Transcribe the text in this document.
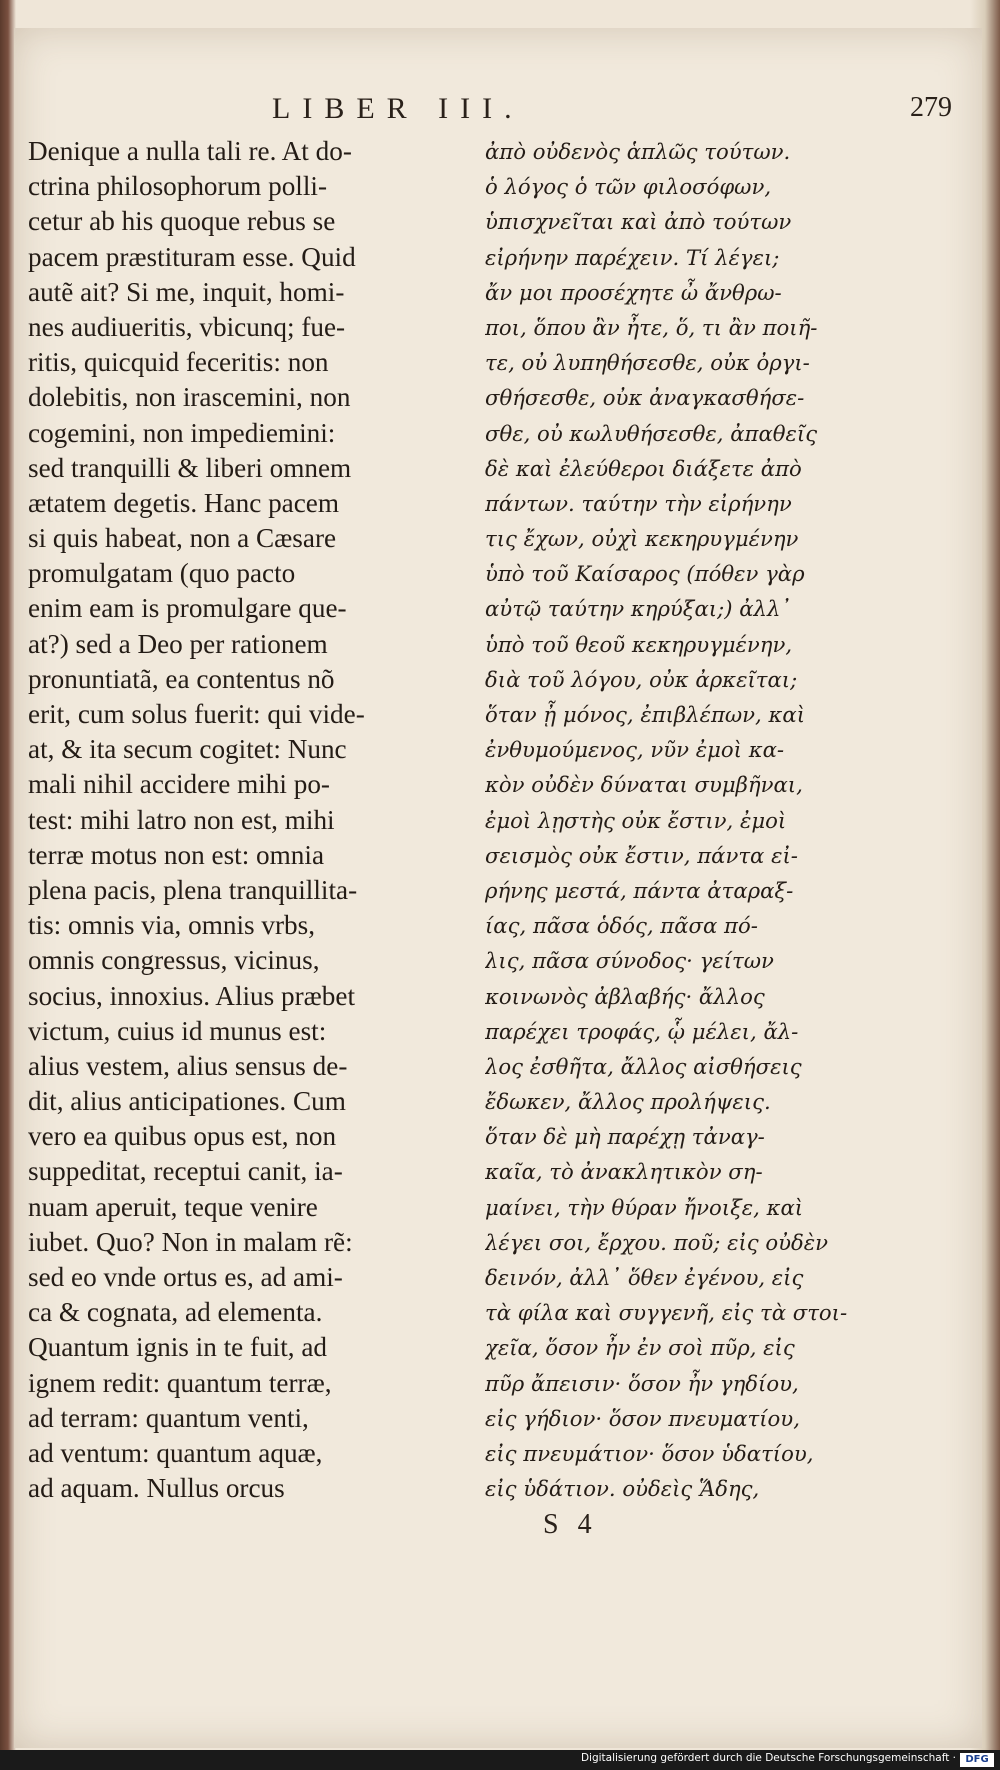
LIBER III.	279
Denique a nulla tali re. At do-
ctrina philosophorum polli-
cetur ab his quoque rebus se
pacem præstituram esse. Quid
autẽ ait? Si me, inquit, homi-
nes audiueritis, vbicunq; fue-
ritis, quicquid feceritis: non
dolebitis, non irascemini, non
cogemini, non impediemini:
sed tranquilli & liberi omnem
ætatem degetis. Hanc pacem
si quis habeat, non a Cæsare
promulgatam (quo pacto
enim eam is promulgare que-
at?) sed a Deo per rationem
pronuntiatã, ea contentus nõ
erit, cum solus fuerit: qui vide-
at, & ita secum cogitet: Nunc
mali nihil accidere mihi po-
test: mihi latro non est, mihi
terræ motus non est: omnia
plena pacis, plena tranquillita-
tis: omnis via, omnis vrbs,
omnis congressus, vicinus,
socius, innoxius. Alius præbet
victum, cuius id munus est:
alius vestem, alius sensus de-
dit, alius anticipationes. Cum
vero ea quibus opus est, non
suppeditat, receptui canit, ia-
nuam aperuit, teque venire
iubet. Quo? Non in malam rẽ:
sed eo vnde ortus es, ad ami-
ca & cognata, ad elementa.
Quantum ignis in te fuit, ad
ignem redit: quantum terræ,
ad terram: quantum venti,
ad ventum: quantum aquæ,
ad aquam. Nullus orcus
ἀπὸ οὐδενὸς ἁπλῶς τούτων.
ὁ λόγος ὁ τῶν φιλοσόφων,
ὑπισχνεῖται καὶ ἀπὸ τούτων
εἰρήνην παρέχειν. Τί λέγει;
ἄν μοι προσέχητε ὦ ἄνθρω-
ποι, ὅπου ἂν ἦτε, ὅ, τι ἂν ποιῆ-
τε, οὐ λυπηθήσεσθε, οὐκ ὀργι-
σθήσεσθε, οὐκ ἀναγκασθήσε-
σθε, οὐ κωλυθήσεσθε, ἀπαθεῖς
δὲ καὶ ἐλεύθεροι διάξετε ἀπὸ
πάντων. ταύτην τὴν εἰρήνην
τις ἔχων, οὐχὶ κεκηρυγμένην
ὑπὸ τοῦ Καίσαρος (πόθεν γὰρ
αὐτῷ ταύτην κηρύξαι;) ἀλλ᾽
ὑπὸ τοῦ θεοῦ κεκηρυγμένην,
διὰ τοῦ λόγου, οὐκ ἀρκεῖται;
ὅταν ᾖ μόνος, ἐπιβλέπων, καὶ
ἐνθυμούμενος, νῦν ἐμοὶ κα-
κὸν οὐδὲν δύναται συμβῆναι,
ἐμοὶ λῃστὴς οὐκ ἔστιν, ἐμοὶ
σεισμὸς οὐκ ἔστιν, πάντα εἰ-
ρήνης μεστά, πάντα ἀταραξ-
ίας, πᾶσα ὁδός, πᾶσα πό-
λις, πᾶσα σύνοδος· γείτων
κοινωνὸς ἀβλαβής· ἄλλος
παρέχει τροφάς, ᾧ μέλει, ἄλ-
λος ἐσθῆτα, ἄλλος αἰσθήσεις
ἔδωκεν, ἄλλος προλήψεις.
ὅταν δὲ μὴ παρέχῃ τἀναγ-
καῖα, τὸ ἀνακλητικὸν ση-
μαίνει, τὴν θύραν ἤνοιξε, καὶ
λέγει σοι, ἔρχου. ποῦ; εἰς οὐδὲν
δεινόν, ἀλλ᾽ ὅθεν ἐγένου, εἰς
τὰ φίλα καὶ συγγενῆ, εἰς τὰ στοι-
χεῖα, ὅσον ἦν ἐν σοὶ πῦρ, εἰς
πῦρ ἄπεισιν· ὅσον ἦν γηδίου,
εἰς γήδιον· ὅσον πνευματίου,
εἰς πνευμάτιον· ὅσον ὑδατίου,
εἰς ὑδάτιον. οὐδεὶς Ἅδης,
S 4
Digitalisierung gefördert durch die Deutsche Forschungsgemeinschaft · DFG
